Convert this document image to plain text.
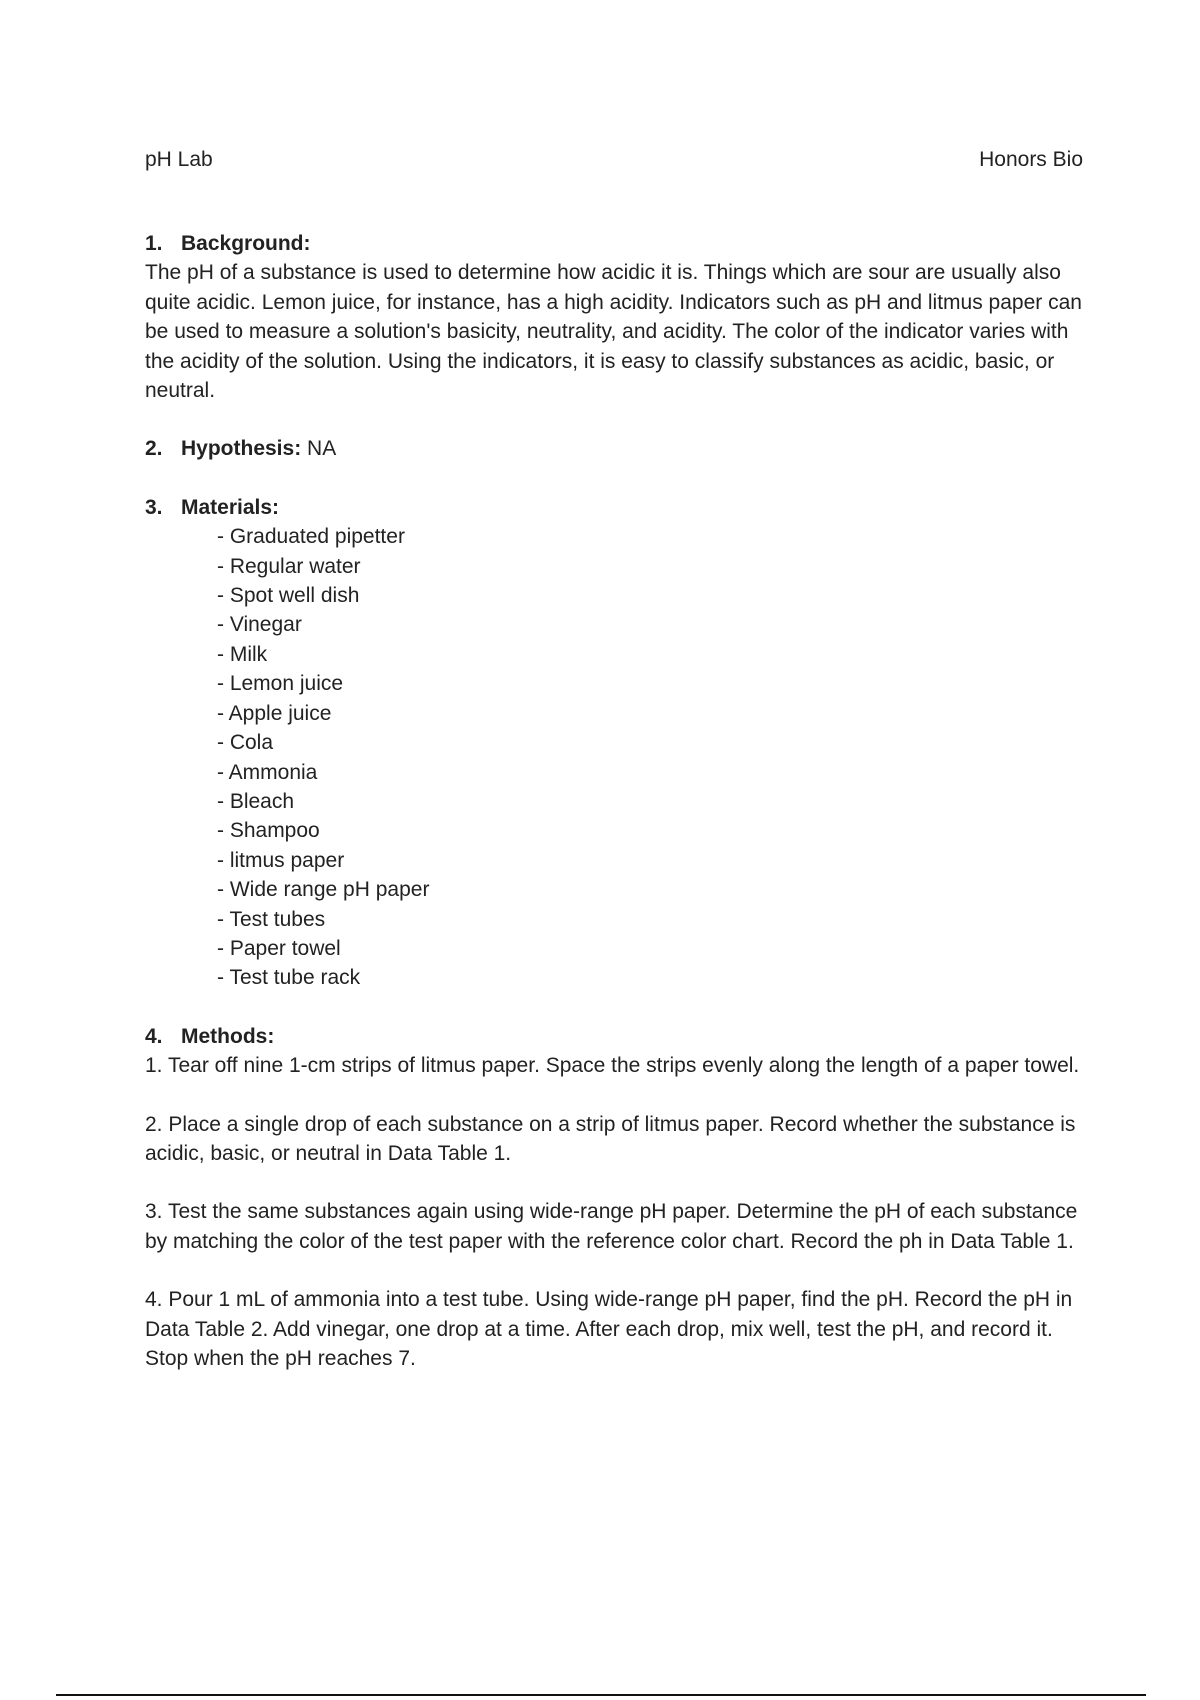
pH Lab	Honors Bio
1. Background:

The pH of a substance is used to determine how acidic it is. Things which are sour are usually also quite acidic. Lemon juice, for instance, has a high acidity. Indicators such as pH and litmus paper can be used to measure a solution's basicity, neutrality, and acidity. The color of the indicator varies with the acidity of the solution. Using the indicators, it is easy to classify substances as acidic, basic, or neutral.

2. Hypothesis: NA
3. Materials:
- Graduated pipetter
- Regular water
- Spot well dish
- Vinegar
- Milk
- Lemon juice
- Apple juice
- Cola
- Ammonia
- Bleach
- Shampoo
- litmus paper
- Wide range pH paper
- Test tubes
- Paper towel
- Test tube rack
4. Methods:

1. Tear off nine 1-cm strips of litmus paper. Space the strips evenly along the length of a paper towel.

2. Place a single drop of each substance on a strip of litmus paper. Record whether the substance is acidic, basic, or neutral in Data Table 1.

3. Test the same substances again using wide-range pH paper. Determine the pH of each substance by matching the color of the test paper with the reference color chart. Record the ph in Data Table 1.

4. Pour 1 mL of ammonia into a test tube. Using wide-range pH paper, find the pH. Record the pH in Data Table 2. Add vinegar, one drop at a time. After each drop, mix well, test the pH, and record it. Stop when the pH reaches 7.
